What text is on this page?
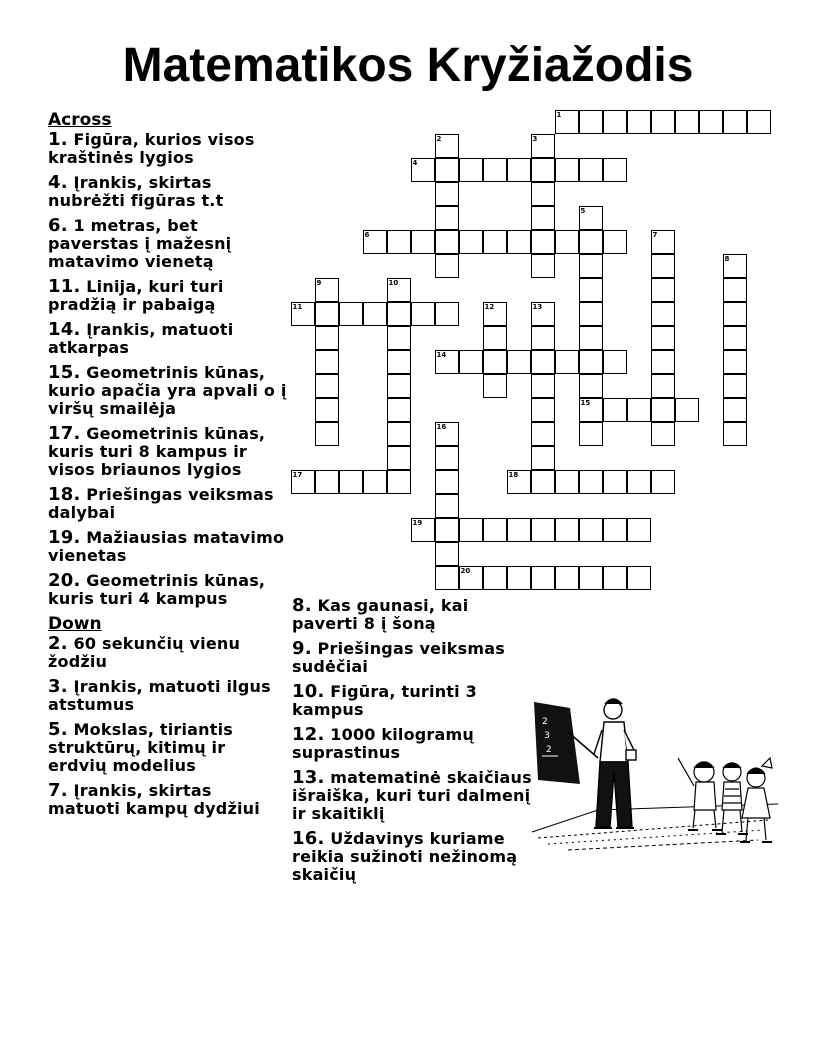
Matematikos Kryžiažodis
Across
1. Figūra, kurios visos kraštinės lygios
4. Įrankis, skirtas nubrėžti figūras t.t
6. 1 metras, bet paverstas į mažesnį matavimo vienetą
11. Linija, kuri turi pradžią ir pabaigą
14. Įrankis, matuoti atkarpas
15. Geometrinis kūnas, kurio apačia yra apvali o į viršų smailėja
17. Geometrinis kūnas, kuris turi 8 kampus ir visos briaunos lygios
18. Priešingas veiksmas dalybai
19. Mažiausias matavimo vienetas
20. Geometrinis kūnas, kuris turi 4 kampus
Down
2. 60 sekunčių vienu žodžiu
3. Įrankis, matuoti ilgus atstumus
5. Mokslas, tiriantis struktūrų, kitimų ir erdvių modelius
7. Įrankis, skirtas matuoti kampų dydžiui
8. Kas gaunasi, kai paverti 8 į šoną
9. Priešingas veiksmas sudėčiai
10. Figūra, turinti 3 kampus
12. 1000 kilogramų suprastinus
13. matematinė skaičiaus išraiška, kuri turi dalmenį ir skaitiklį
16. Uždavinys kuriame reikia sužinoti nežinomą skaičių
1
2	3
4
5
15
6	7
8
9	10
11	12	13
14
16
17	18
19
20
2
3
2
